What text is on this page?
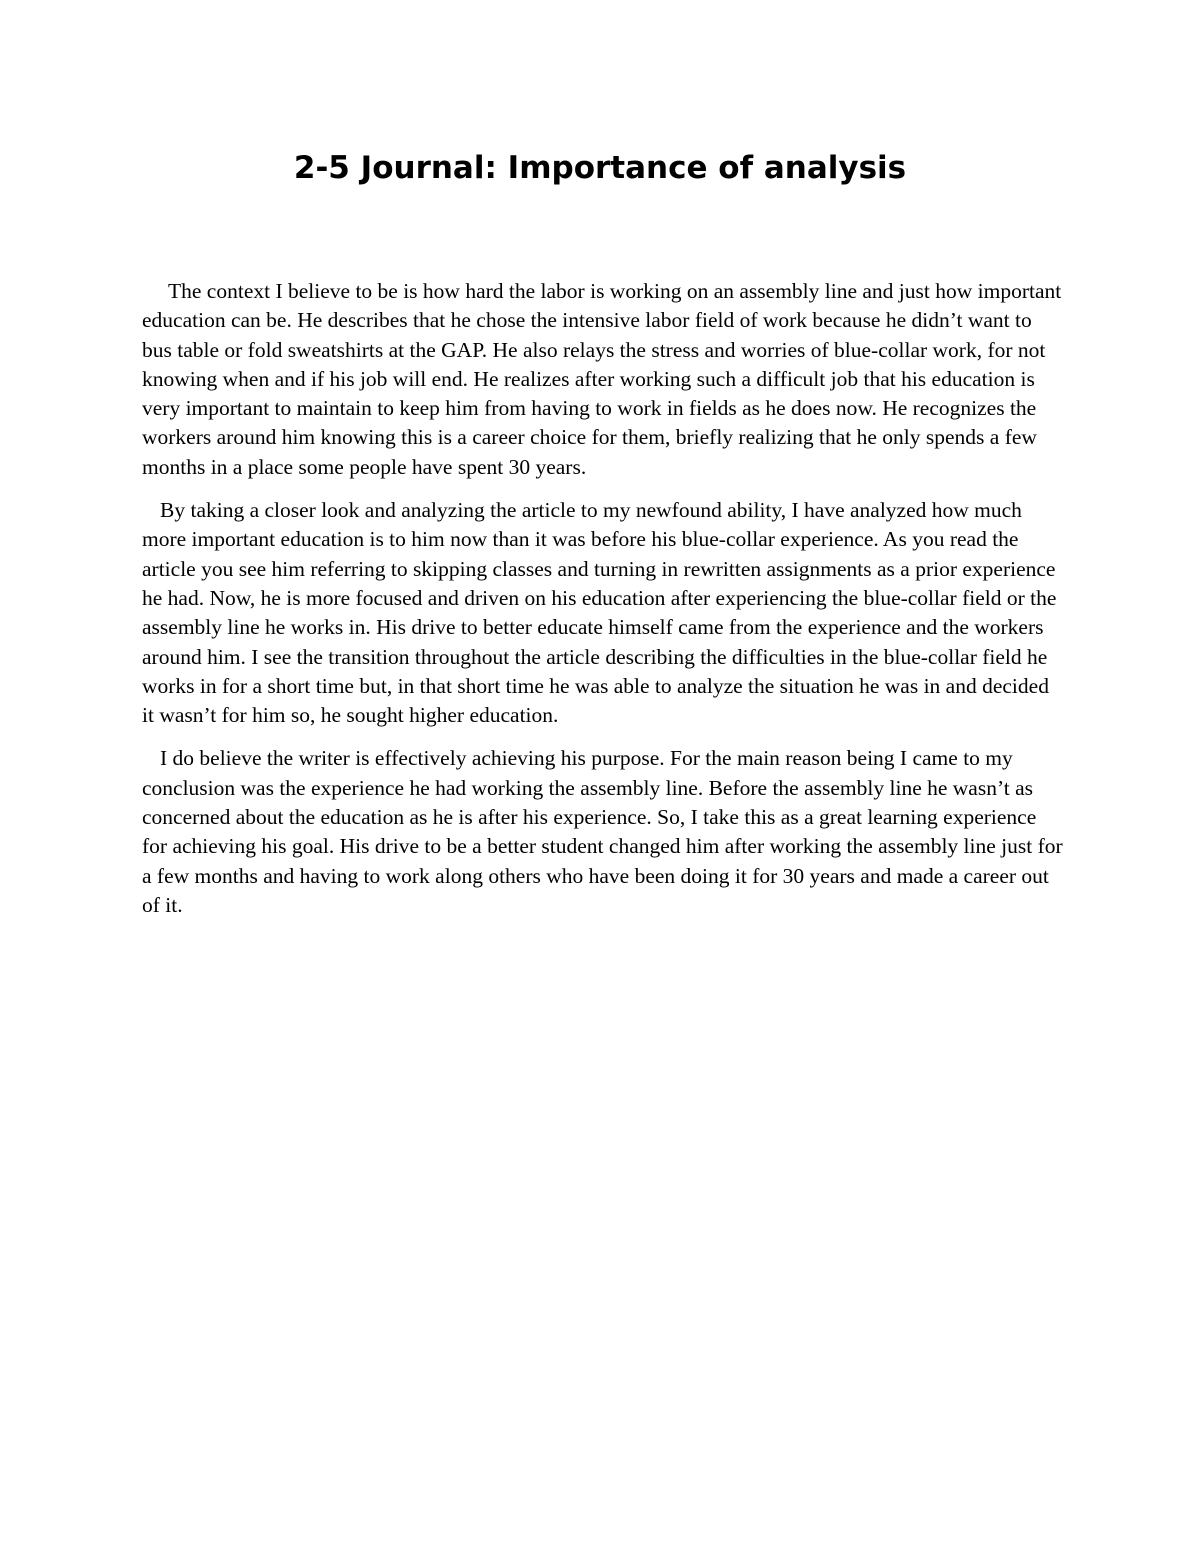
2-5 Journal: Importance of analysis

The context I believe to be is how hard the labor is working on an assembly line and just how important education can be. He describes that he chose the intensive labor field of work because he didn’t want to bus table or fold sweatshirts at the GAP. He also relays the stress and worries of blue-collar work, for not knowing when and if his job will end. He realizes after working such a difficult job that his education is very important to maintain to keep him from having to work in fields as he does now. He recognizes the workers around him knowing this is a career choice for them, briefly realizing that he only spends a few months in a place some people have spent 30 years.

By taking a closer look and analyzing the article to my newfound ability, I have analyzed how much more important education is to him now than it was before his blue-collar experience. As you read the article you see him referring to skipping classes and turning in rewritten assignments as a prior experience he had. Now, he is more focused and driven on his education after experiencing the blue-collar field or the assembly line he works in. His drive to better educate himself came from the experience and the workers around him. I see the transition throughout the article describing the difficulties in the blue-collar field he works in for a short time but, in that short time he was able to analyze the situation he was in and decided it wasn’t for him so, he sought higher education.

I do believe the writer is effectively achieving his purpose. For the main reason being I came to my conclusion was the experience he had working the assembly line. Before the assembly line he wasn’t as concerned about the education as he is after his experience. So, I take this as a great learning experience for achieving his goal. His drive to be a better student changed him after working the assembly line just for a few months and having to work along others who have been doing it for 30 years and made a career out of it.
